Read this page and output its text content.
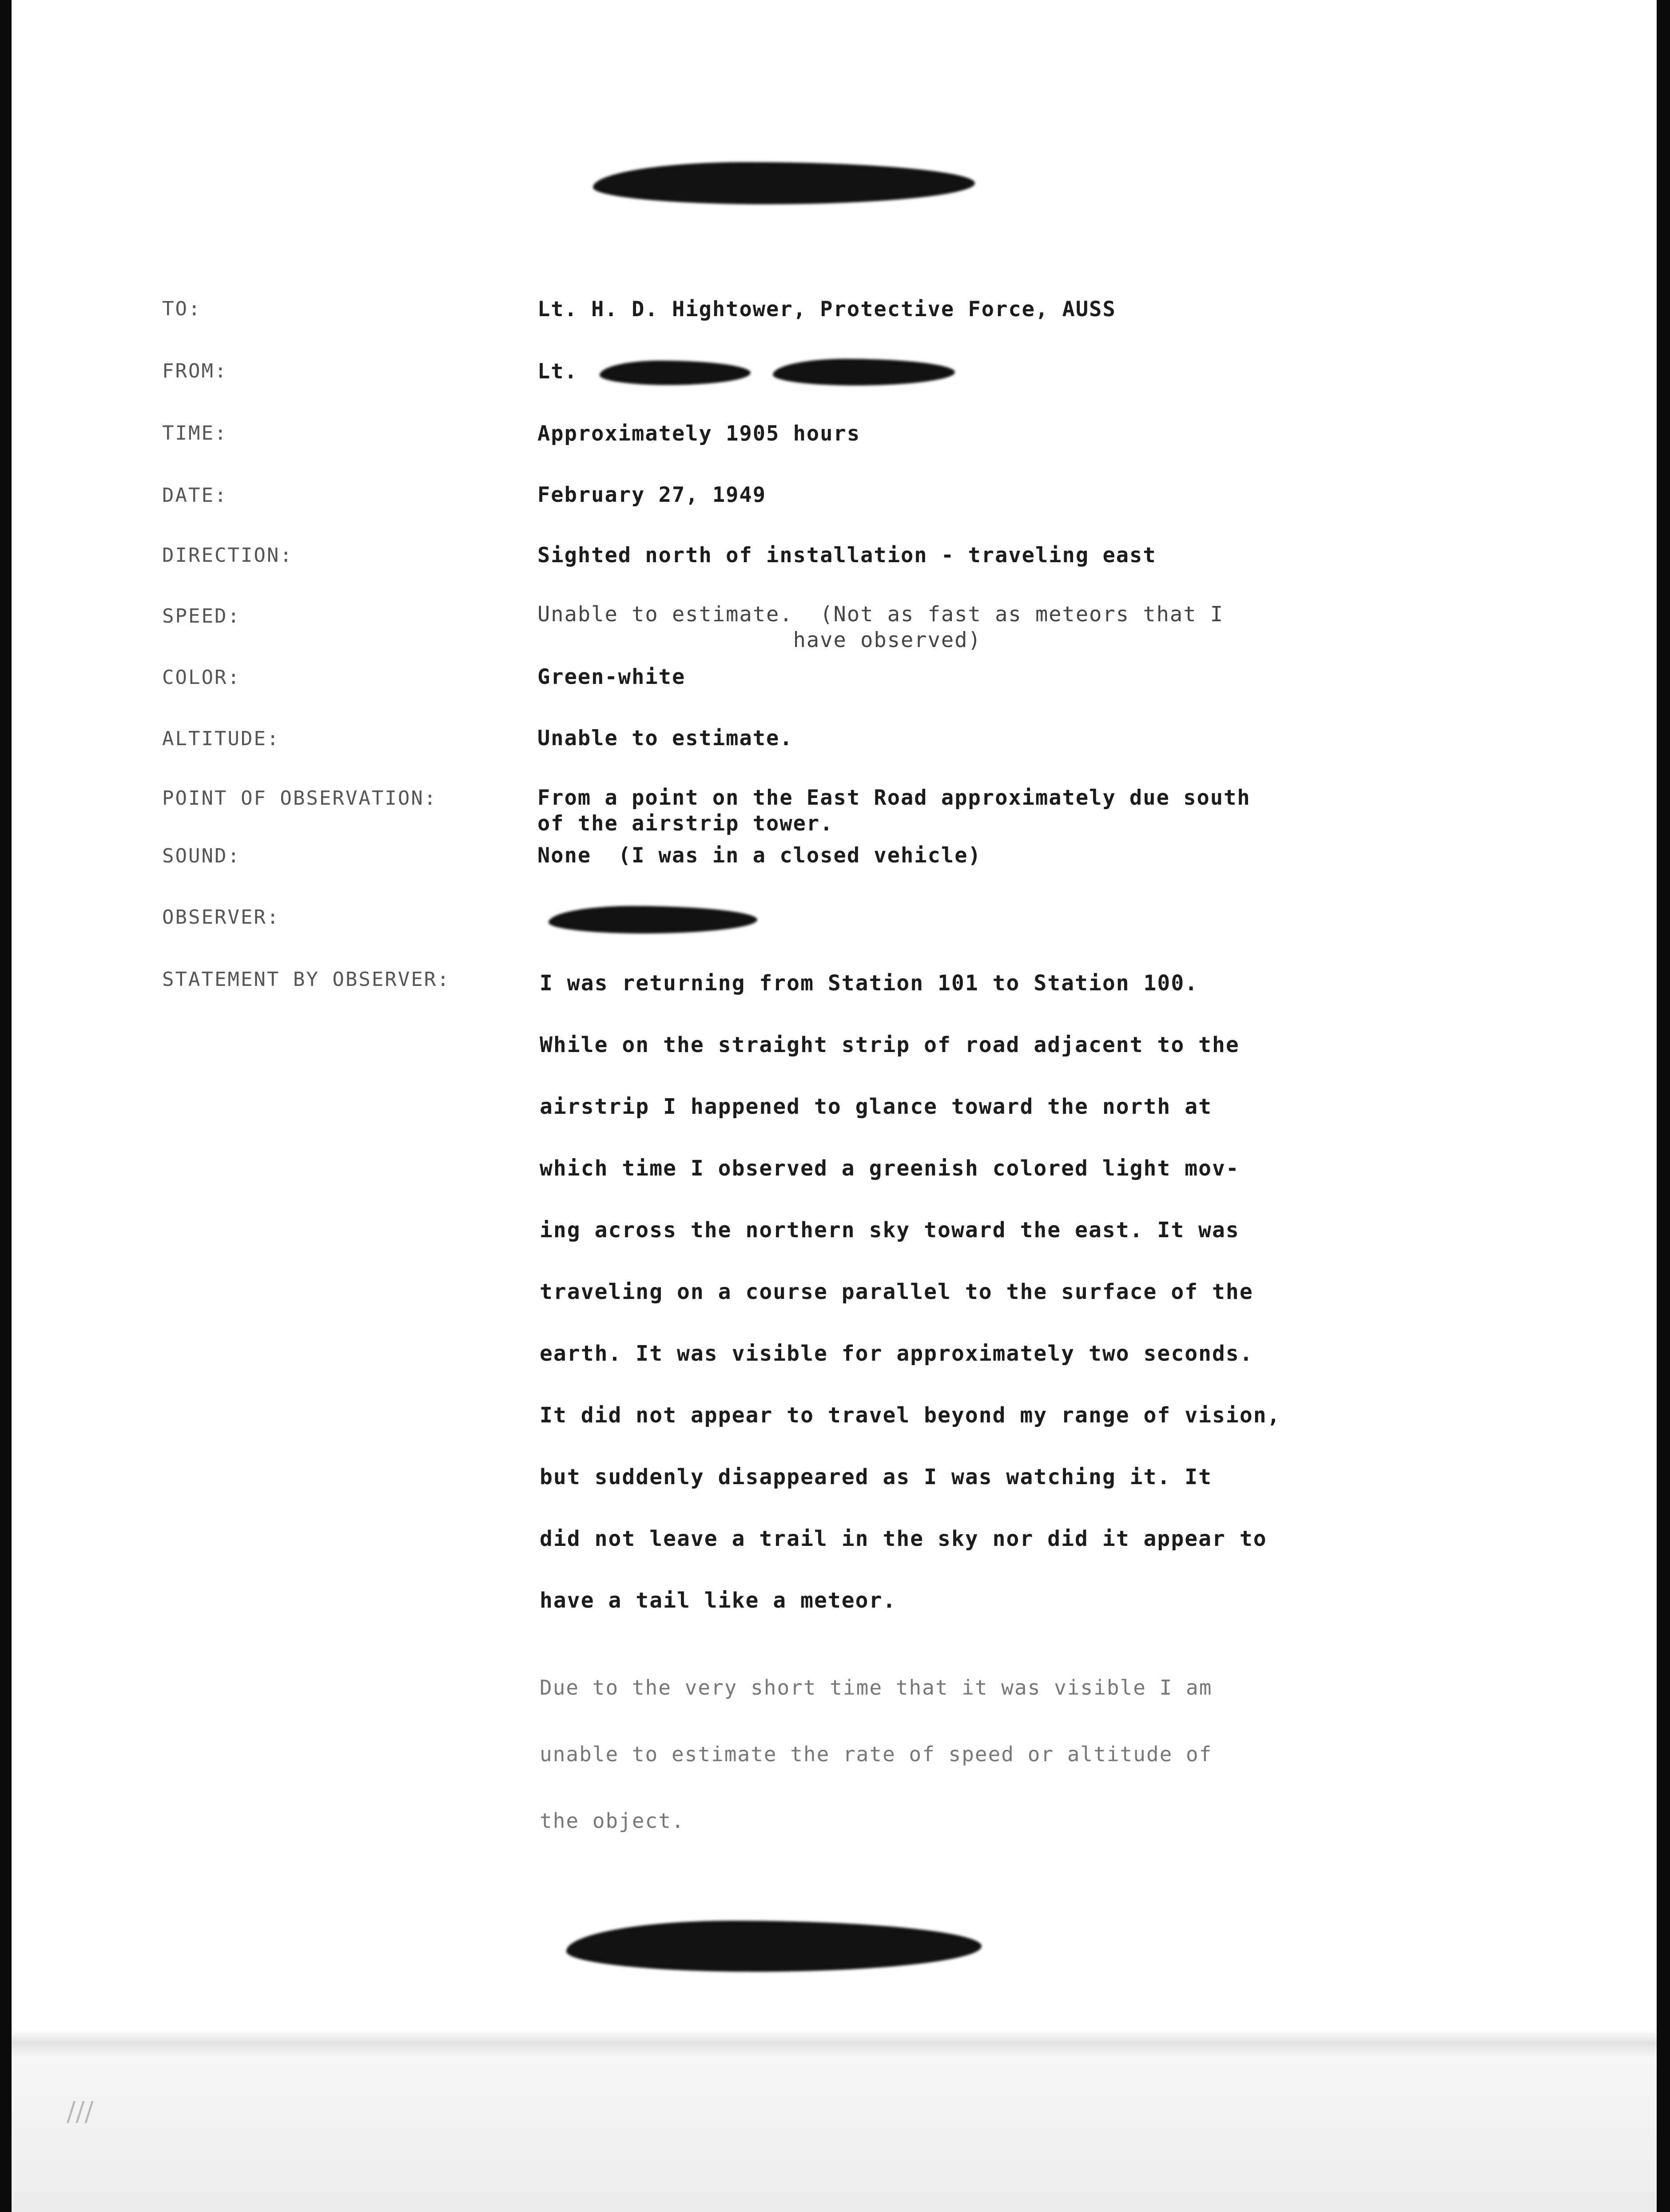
TO:	Lt. H. D. Hightower, Protective Force, AUSS
FROM:	Lt.
TIME:	Approximately 1905 hours
DATE:	February 27, 1949
DIRECTION:	Sighted north of installation - traveling east
SPEED:	Unable to estimate.  (Not as fast as meteors that I
have observed)
COLOR:	Green-white
ALTITUDE:	Unable to estimate.
POINT OF OBSERVATION:	From a point on the East Road approximately due south
of the airstrip tower.
SOUND:	None  (I was in a closed vehicle)
OBSERVER:
STATEMENT BY OBSERVER:	I was returning from Station 101 to Station 100.
While on the straight strip of road adjacent to the
airstrip I happened to glance toward the north at
which time I observed a greenish colored light mov-
ing across the northern sky toward the east. It was
traveling on a course parallel to the surface of the
earth. It was visible for approximately two seconds.
It did not appear to travel beyond my range of vision,
but suddenly disappeared as I was watching it. It
did not leave a trail in the sky nor did it appear to
have a tail like a meteor.
Due to the very short time that it was visible I am
unable to estimate the rate of speed or altitude of
the object.
///
